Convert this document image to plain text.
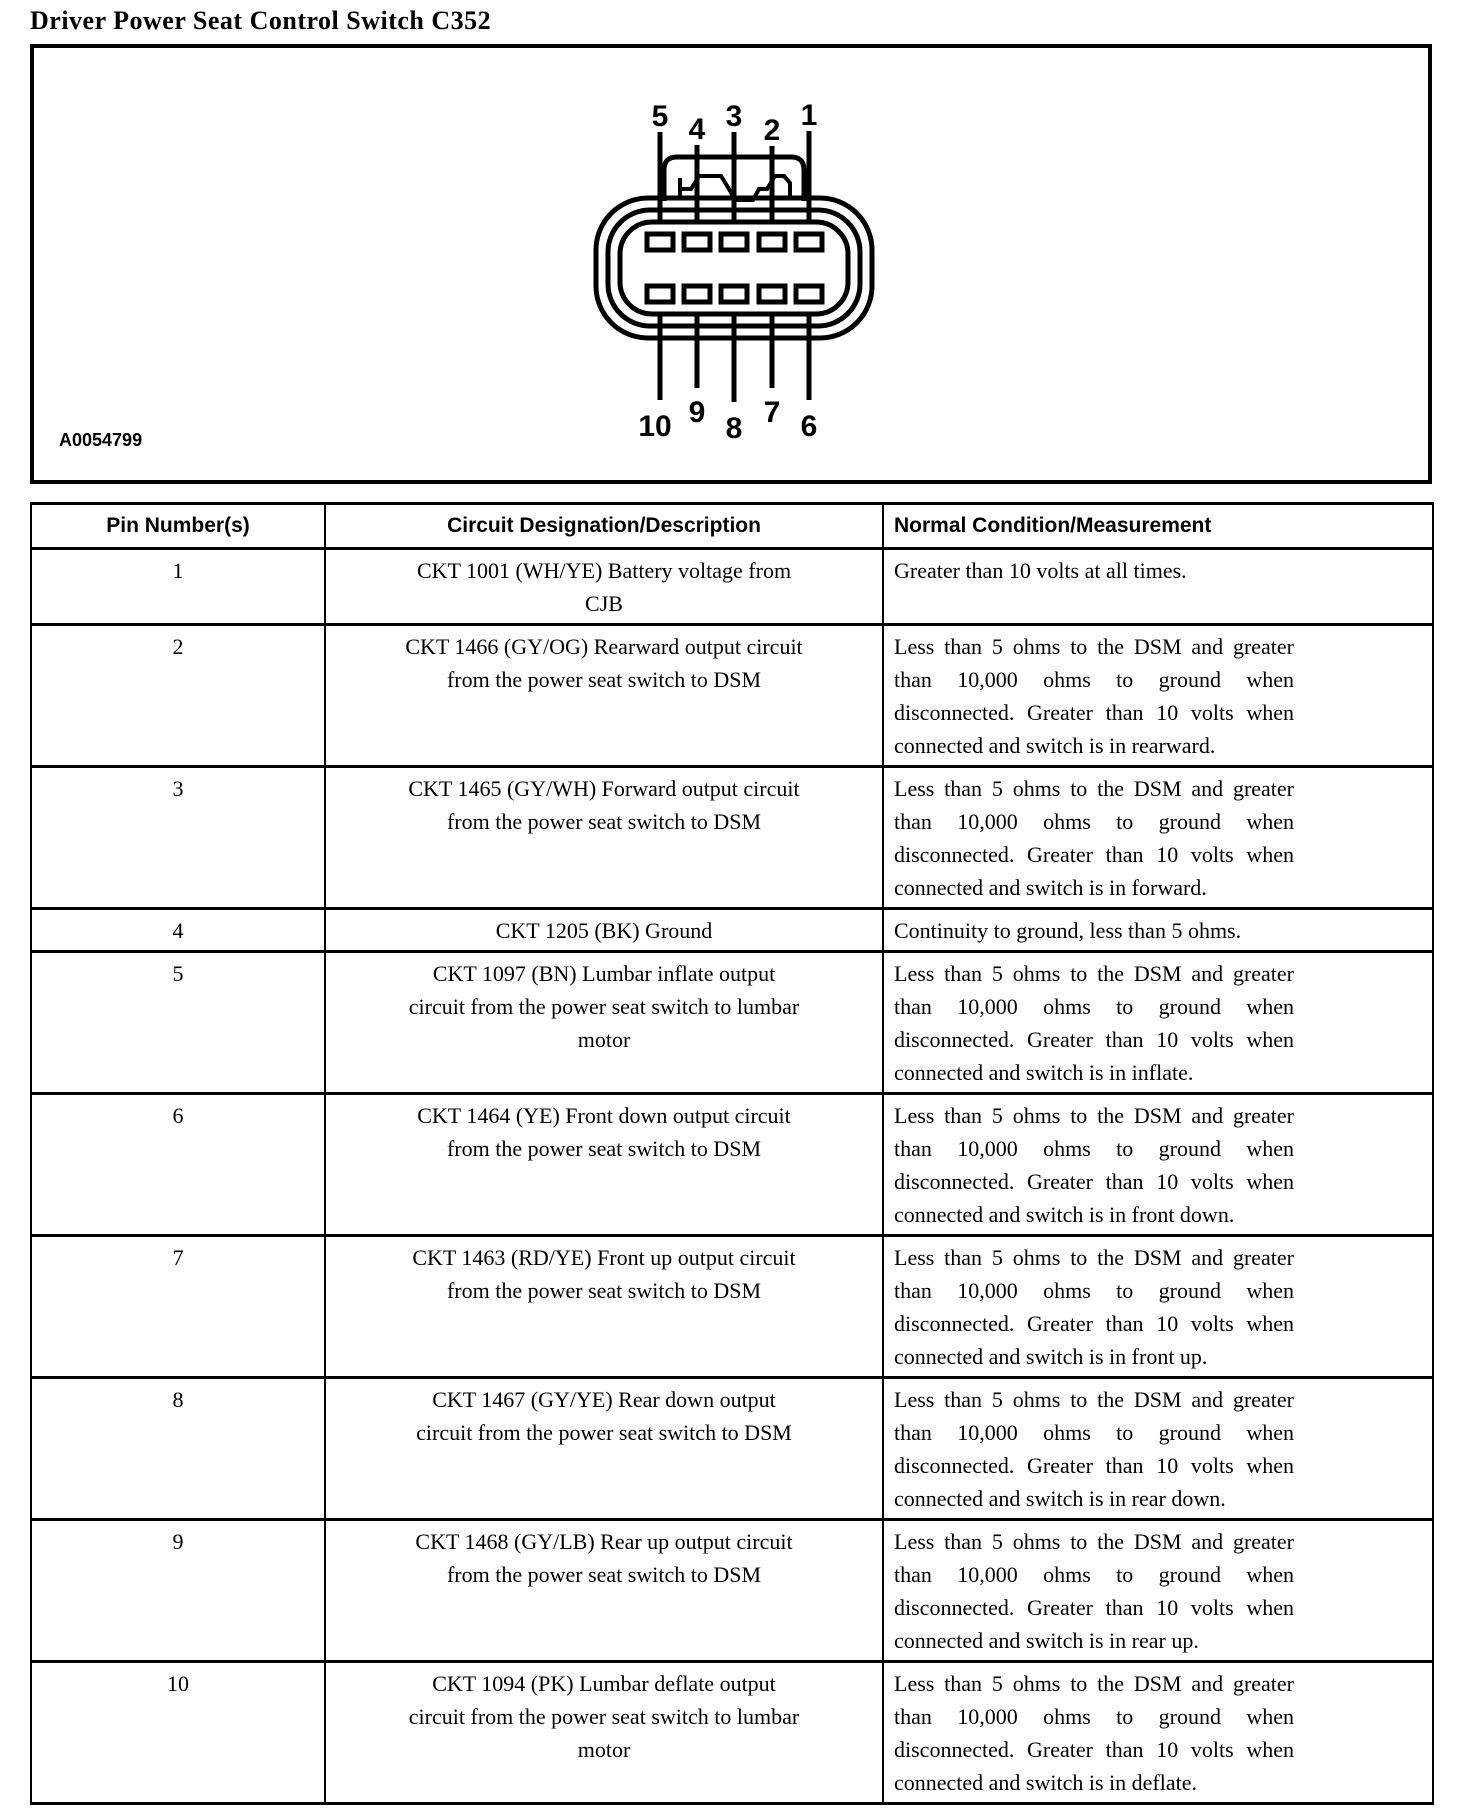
Driver Power Seat Control Switch C352
5 4 3 2 1
10 9 8 7 6
A0054799
Pin Number(s)	Circuit Designation/Description	Normal Condition/Measurement
1	CKT 1001 (WH/YE) Battery voltage from CJB	Greater than 10 volts at all times.

2	CKT 1466 (GY/OG) Rearward output circuit from the power seat switch to DSM	Less than 5 ohms to the DSM and greater than 10,000 ohms to ground when disconnected. Greater than 10 volts when connected and switch is in rearward.

3	CKT 1465 (GY/WH) Forward output circuit from the power seat switch to DSM	Less than 5 ohms to the DSM and greater than 10,000 ohms to ground when disconnected. Greater than 10 volts when connected and switch is in forward.

4	CKT 1205 (BK) Ground	Continuity to ground, less than 5 ohms.

5	CKT 1097 (BN) Lumbar inflate output circuit from the power seat switch to lumbar motor	Less than 5 ohms to the DSM and greater than 10,000 ohms to ground when disconnected. Greater than 10 volts when connected and switch is in inflate.

6	CKT 1464 (YE) Front down output circuit from the power seat switch to DSM	Less than 5 ohms to the DSM and greater than 10,000 ohms to ground when disconnected. Greater than 10 volts when connected and switch is in front down.

7	CKT 1463 (RD/YE) Front up output circuit from the power seat switch to DSM	Less than 5 ohms to the DSM and greater than 10,000 ohms to ground when disconnected. Greater than 10 volts when connected and switch is in front up.

8	CKT 1467 (GY/YE) Rear down output circuit from the power seat switch to DSM	Less than 5 ohms to the DSM and greater than 10,000 ohms to ground when disconnected. Greater than 10 volts when connected and switch is in rear down.

9	CKT 1468 (GY/LB) Rear up output circuit from the power seat switch to DSM	Less than 5 ohms to the DSM and greater than 10,000 ohms to ground when disconnected. Greater than 10 volts when connected and switch is in rear up.

10	CKT 1094 (PK) Lumbar deflate output circuit from the power seat switch to lumbar motor	Less than 5 ohms to the DSM and greater than 10,000 ohms to ground when disconnected. Greater than 10 volts when connected and switch is in deflate.
